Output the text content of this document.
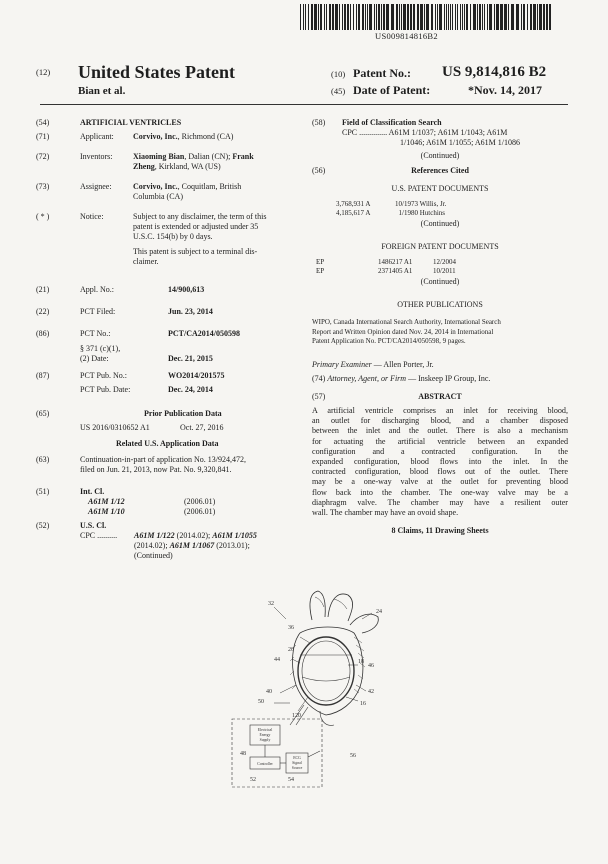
US009814816B2
(12) United States Patent
Bian et al.
(10) Patent No.: US 9,814,816 B2
(45) Date of Patent:	*Nov. 14, 2017
(54)	ARTIFICIAL VENTRICLES
(71)	Applicant: Corvivo, Inc., Richmond (CA)
(72)	Inventors:	Xiaoming Bian, Dalian (CN); Frank
Zheng, Kirkland, WA (US)
(73)	Assignee:	Corvivo, Inc., Coquitlam, British
Columbia (CA)
( * )	Notice:	Subject to any disclaimer, the term of this
patent is extended or adjusted under 35
U.S.C. 154(b) by 0 days.
This patent is subject to a terminal dis-
claimer.
(21)	Appl. No.:	14/900,613
(22)	PCT Filed:	Jun. 23, 2014
(86)	PCT No.:	PCT/CA2014/050598
§ 371 (c)(1),
(2) Date:	Dec. 21, 2015
(87)	PCT Pub. No.:	WO2014/201575
PCT Pub. Date:	Dec. 24, 2014
(65)	Prior Publication Data
US 2016/0310652 A1	Oct. 27, 2016
Related U.S. Application Data
(63)	Continuation-in-part of application No. 13/924,472,
filed on Jun. 21, 2013, now Pat. No. 9,320,841.
(51)	Int. Cl.
A61M 1/12	(2006.01)
A61M 1/10	(2006.01)
(52)	U.S. Cl.
CPC .......... A61M 1/122 (2014.02); A61M 1/1055
(2014.02); A61M 1/1067 (2013.01);
(Continued)
(58) Field of Classification Search
CPC .............. A61M 1/1037; A61M 1/1043; A61M
1/1046; A61M 1/1055; A61M 1/1086
(Continued)
(56)	References Cited
U.S. PATENT DOCUMENTS
3,768,931 A	10/1973 Willis, Jr.
4,185,617 A	1/1980 Hutchins
(Continued)
FOREIGN PATENT DOCUMENTS
EP	1486217 A1	12/2004
EP	2371405 A1	10/2011
(Continued)
OTHER PUBLICATIONS
WIPO, Canada International Search Authority, International Search
Report and Written Opinion dated Nov. 24, 2014 in International
Patent Application No. PCT/CA2014/050598, 9 pages.
Primary Examiner — Allen Porter, Jr.
(74) Attorney, Agent, or Firm — Inskeep IP Group, Inc.
(57)	ABSTRACT
A artificial ventricle comprises an inlet for receiving blood,
an outlet for discharging blood, and a chamber disposed
between the inlet and the outlet. There is also a mechanism
for actuating the artificial ventricle between an expanded
configuration and a contracted configuration. In the
expanded configuration, blood flows into the inlet. In the
contracted configuration, blood flows out of the outlet. There
may be a one-way valve at the outlet for preventing blood
flow back into the chamber. The one-way valve may be a
diaphragm valve. The chamber may have a resilient outer
wall. The chamber may have an ovoid shape.
8 Claims, 11 Drawing Sheets
32
24
36
20
44	18
46
40
50
42
16
120
48	56
52	54
Electrical
Energy
Supply
Controller
ECG
Signal
Source
